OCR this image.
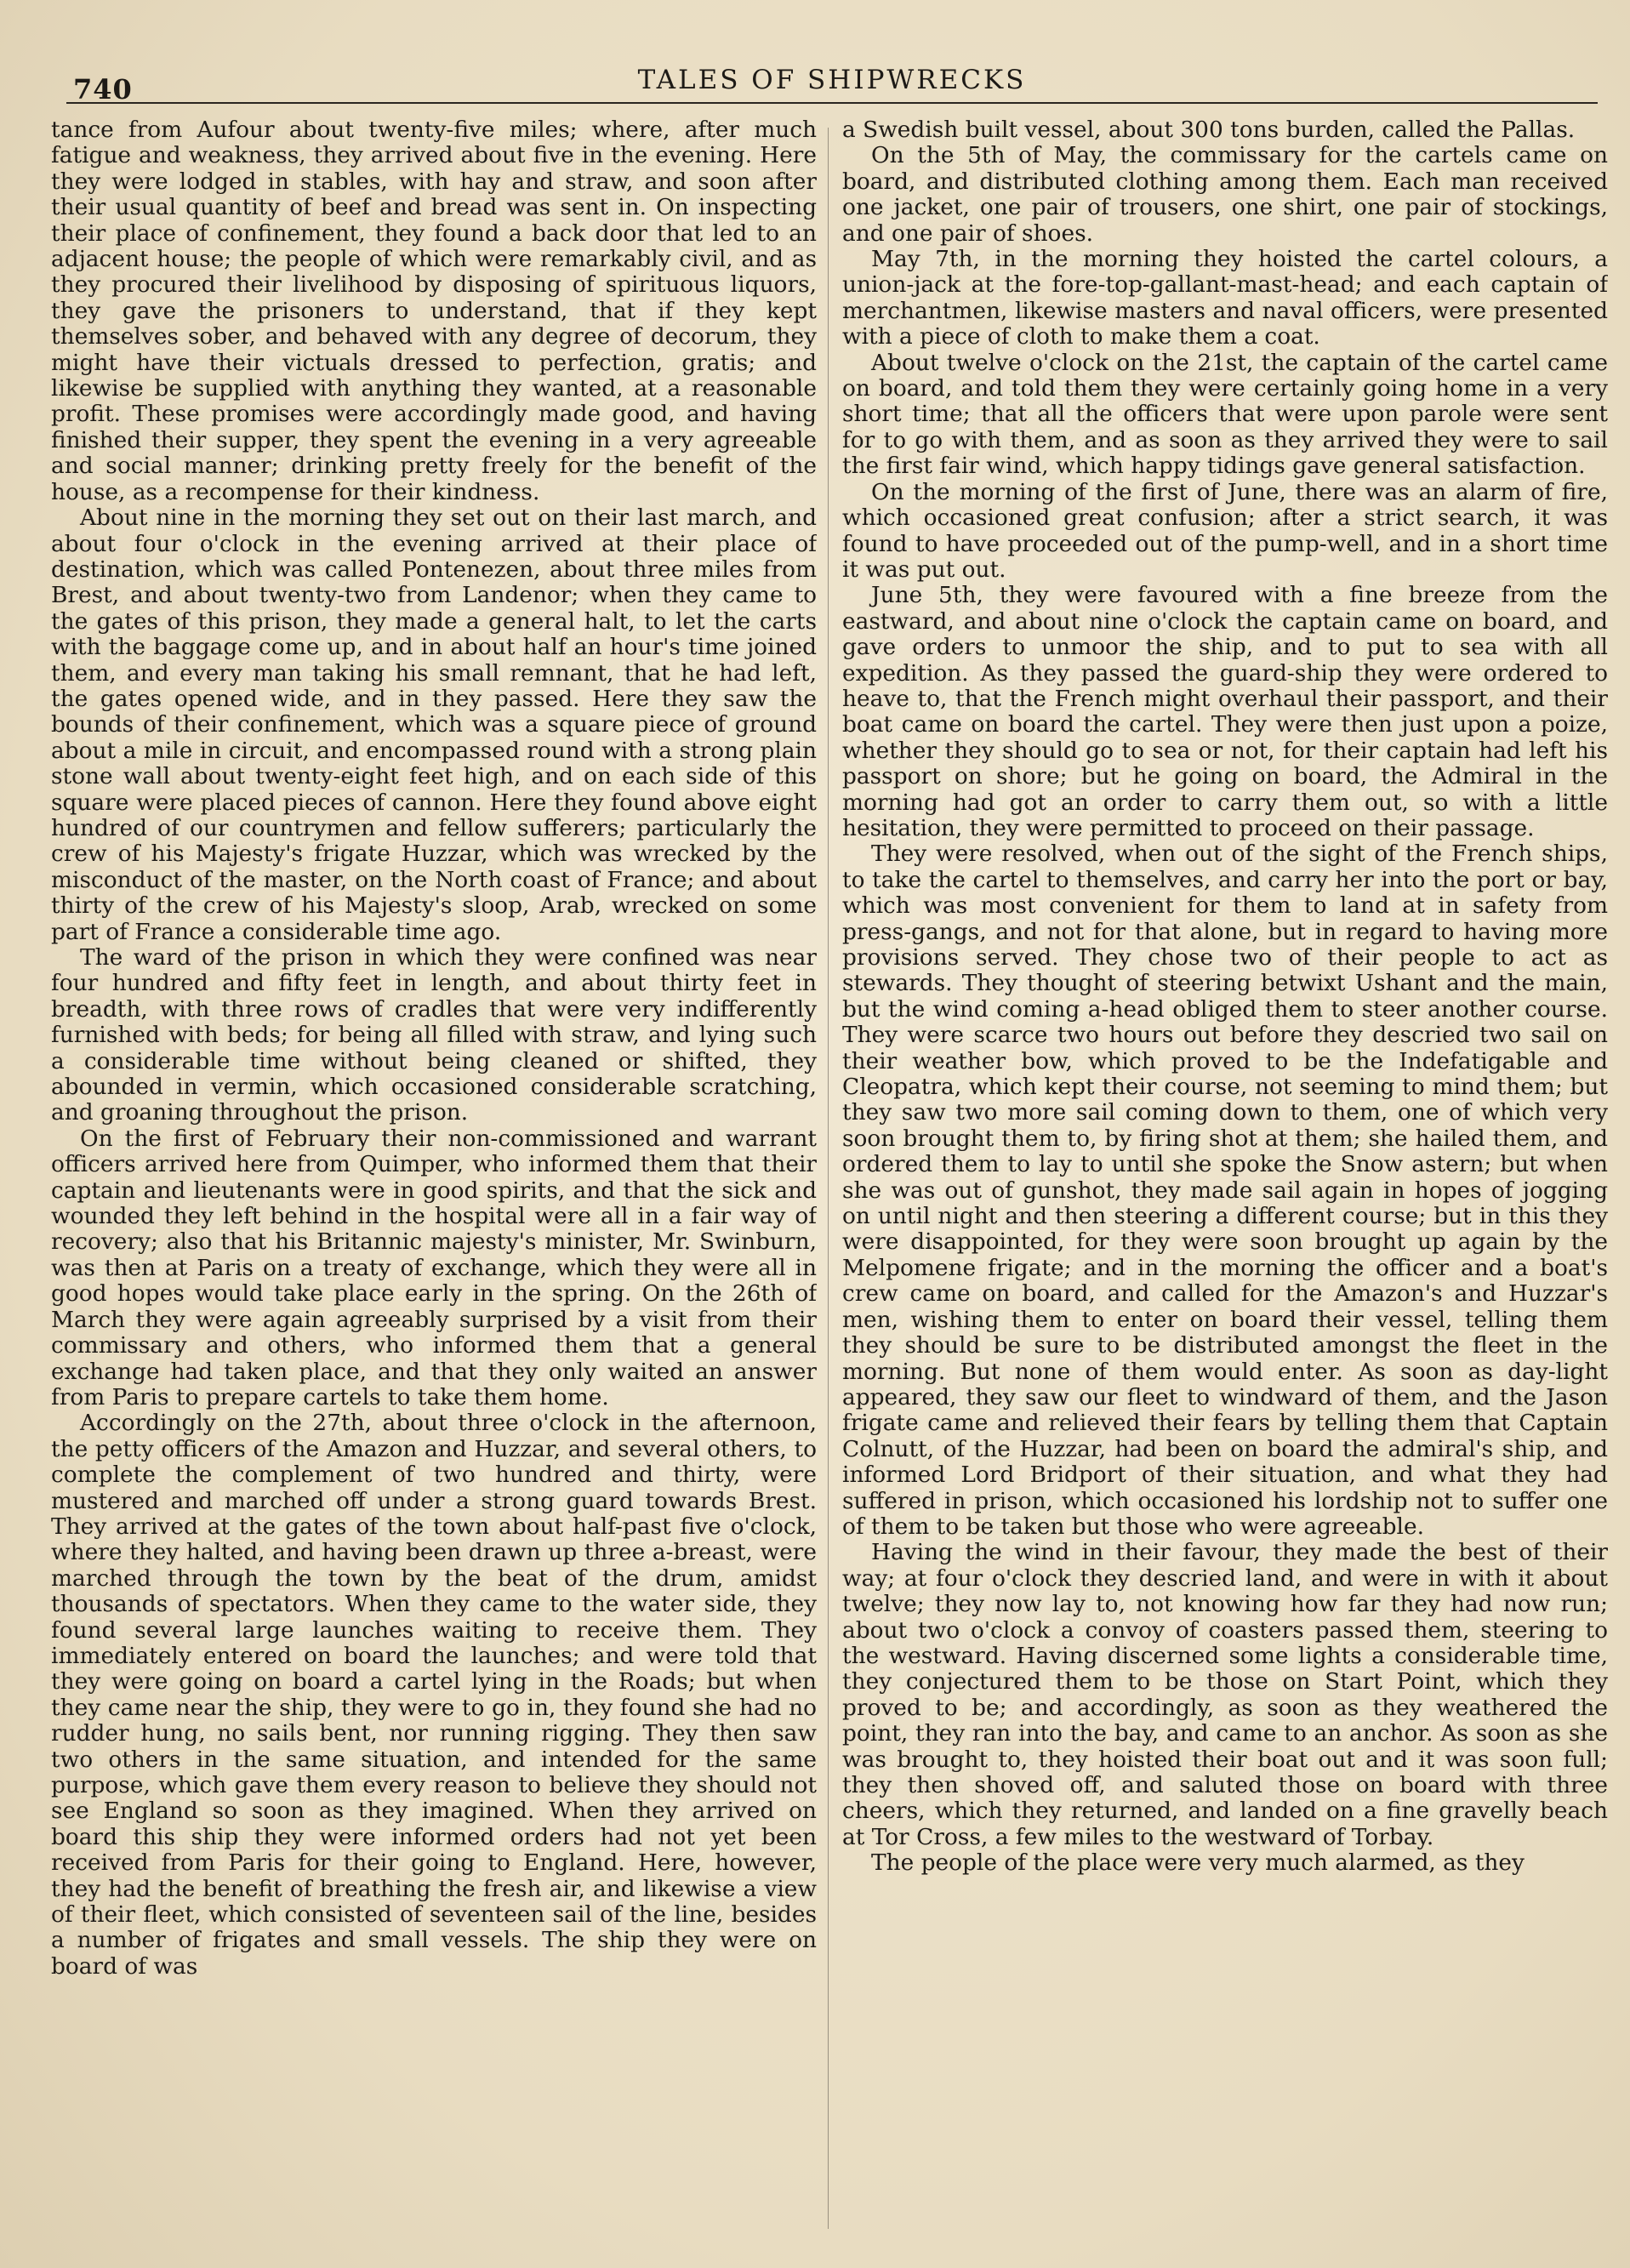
740	TALES OF SHIPWRECKS

tance from Aufour about twenty-five miles; where, after much fatigue and weakness, they arrived about five in the evening. Here they were lodged in stables, with hay and straw, and soon after their usual quantity of beef and bread was sent in. On inspecting their place of confinement, they found a back door that led to an adjacent house; the people of which were remarkably civil, and as they procured their livelihood by disposing of spirituous liquors, they gave the prisoners to understand, that if they kept themselves sober, and behaved with any degree of decorum, they might have their victuals dressed to perfection, gratis; and likewise be supplied with anything they wanted, at a reasonable profit. These promises were accordingly made good, and having finished their supper, they spent the evening in a very agreeable and social manner; drinking pretty freely for the benefit of the house, as a recompense for their kindness.

About nine in the morning they set out on their last march, and about four o'clock in the evening arrived at their place of destination, which was called Pontenezen, about three miles from Brest, and about twenty-two from Landenor; when they came to the gates of this prison, they made a general halt, to let the carts with the baggage come up, and in about half an hour's time joined them, and every man taking his small remnant, that he had left, the gates opened wide, and in they passed. Here they saw the bounds of their confinement, which was a square piece of ground about a mile in circuit, and encompassed round with a strong plain stone wall about twenty-eight feet high, and on each side of this square were placed pieces of cannon. Here they found above eight hundred of our countrymen and fellow sufferers; particularly the crew of his Majesty's frigate Huzzar, which was wrecked by the misconduct of the master, on the North coast of France; and about thirty of the crew of his Majesty's sloop, Arab, wrecked on some part of France a considerable time ago.

The ward of the prison in which they were confined was near four hundred and fifty feet in length, and about thirty feet in breadth, with three rows of cradles that were very indifferently furnished with beds; for being all filled with straw, and lying such a considerable time without being cleaned or shifted, they abounded in vermin, which occasioned considerable scratching, and groaning throughout the prison.

On the first of February their non-commissioned and warrant officers arrived here from Quimper, who informed them that their captain and lieutenants were in good spirits, and that the sick and wounded they left behind in the hospital were all in a fair way of recovery; also that his Britannic majesty's minister, Mr. Swinburn, was then at Paris on a treaty of exchange, which they were all in good hopes would take place early in the spring. On the 26th of March they were again agreeably surprised by a visit from their commissary and others, who informed them that a general exchange had taken place, and that they only waited an answer from Paris to prepare cartels to take them home.

Accordingly on the 27th, about three o'clock in the afternoon, the petty officers of the Amazon and Huzzar, and several others, to complete the complement of two hundred and thirty, were mustered and marched off under a strong guard towards Brest. They arrived at the gates of the town about half-past five o'clock, where they halted, and having been drawn up three a-breast, were marched through the town by the beat of the drum, amidst thousands of spectators. When they came to the water side, they found several large launches waiting to receive them. They immediately entered on board the launches; and were told that they were going on board a cartel lying in the Roads; but when they came near the ship, they were to go in, they found she had no rudder hung, no sails bent, nor running rigging. They then saw two others in the same situation, and intended for the same purpose, which gave them every reason to believe they should not see England so soon as they imagined. When they arrived on board this ship they were informed orders had not yet been received from Paris for their going to England. Here, however, they had the benefit of breathing the fresh air, and likewise a view of their fleet, which consisted of seventeen sail of the line, besides a number of frigates and small vessels. The ship they were on board of was

a Swedish built vessel, about 300 tons burden, called the Pallas.

On the 5th of May, the commissary for the cartels came on board, and distributed clothing among them. Each man received one jacket, one pair of trousers, one shirt, one pair of stockings, and one pair of shoes.

May 7th, in the morning they hoisted the cartel colours, a union-jack at the fore-top-gallant-mast-head; and each captain of merchantmen, likewise masters and naval officers, were presented with a piece of cloth to make them a coat.

About twelve o'clock on the 21st, the captain of the cartel came on board, and told them they were certainly going home in a very short time; that all the officers that were upon parole were sent for to go with them, and as soon as they arrived they were to sail the first fair wind, which happy tidings gave general satisfaction.

On the morning of the first of June, there was an alarm of fire, which occasioned great confusion; after a strict search, it was found to have proceeded out of the pump-well, and in a short time it was put out.

June 5th, they were favoured with a fine breeze from the eastward, and about nine o'clock the captain came on board, and gave orders to unmoor the ship, and to put to sea with all expedition. As they passed the guard-ship they were ordered to heave to, that the French might overhaul their passport, and their boat came on board the cartel. They were then just upon a poize, whether they should go to sea or not, for their captain had left his passport on shore; but he going on board, the Admiral in the morning had got an order to carry them out, so with a little hesitation, they were permitted to proceed on their passage.

They were resolved, when out of the sight of the French ships, to take the cartel to themselves, and carry her into the port or bay, which was most convenient for them to land at in safety from press-gangs, and not for that alone, but in regard to having more provisions served. They chose two of their people to act as stewards. They thought of steering betwixt Ushant and the main, but the wind coming a-head obliged them to steer another course. They were scarce two hours out before they descried two sail on their weather bow, which proved to be the Indefatigable and Cleopatra, which kept their course, not seeming to mind them; but they saw two more sail coming down to them, one of which very soon brought them to, by firing shot at them; she hailed them, and ordered them to lay to until she spoke the Snow astern; but when she was out of gunshot, they made sail again in hopes of jogging on until night and then steering a different course; but in this they were disappointed, for they were soon brought up again by the Melpomene frigate; and in the morning the officer and a boat's crew came on board, and called for the Amazon's and Huzzar's men, wishing them to enter on board their vessel, telling them they should be sure to be distributed amongst the fleet in the morning. But none of them would enter. As soon as day-light appeared, they saw our fleet to windward of them, and the Jason frigate came and relieved their fears by telling them that Captain Colnutt, of the Huzzar, had been on board the admiral's ship, and informed Lord Bridport of their situation, and what they had suffered in prison, which occasioned his lordship not to suffer one of them to be taken but those who were agreeable.

Having the wind in their favour, they made the best of their way; at four o'clock they descried land, and were in with it about twelve; they now lay to, not knowing how far they had now run; about two o'clock a convoy of coasters passed them, steering to the westward. Having discerned some lights a considerable time, they conjectured them to be those on Start Point, which they proved to be; and accordingly, as soon as they weathered the point, they ran into the bay, and came to an anchor. As soon as she was brought to, they hoisted their boat out and it was soon full; they then shoved off, and saluted those on board with three cheers, which they returned, and landed on a fine gravelly beach at Tor Cross, a few miles to the westward of Torbay.

The people of the place were very much alarmed, as they
